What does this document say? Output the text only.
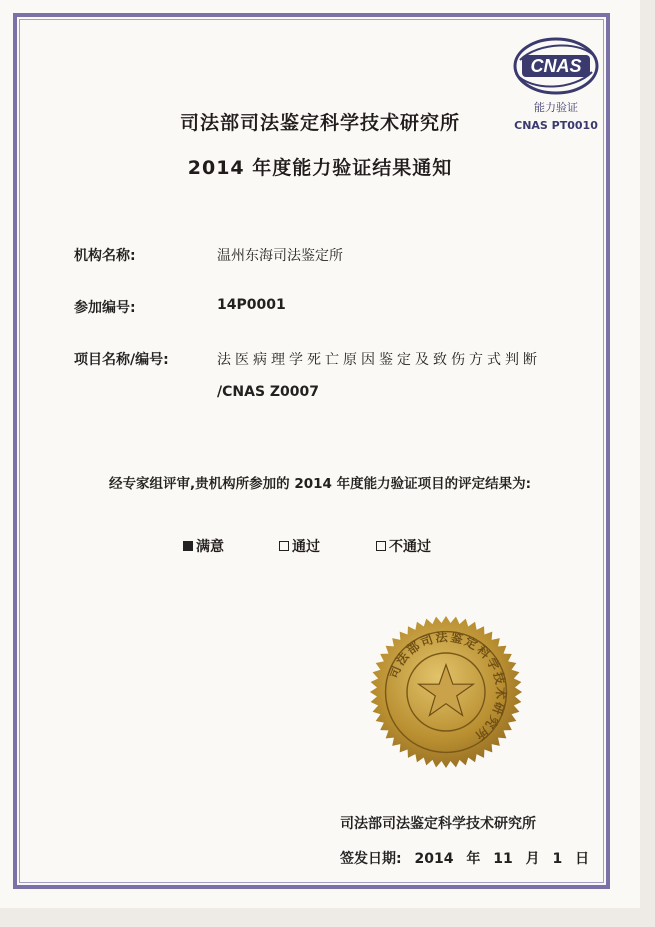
CNAS
能力验证
CNAS PT0010
司法部司法鉴定科学技术研究所
2014 年度能力验证结果通知
机构名称:	温州东海司法鉴定所
参加编号:	14P0001
项目名称/编号:	法医病理学死亡原因鉴定及致伤方式判断
/CNAS Z0007
经专家组评审,贵机构所参加的 2014 年度能力验证项目的评定结果为:
满意	通过	不通过
司法部司法鉴定科学技术研究所
司法部司法鉴定科学技术研究所
签发日期: 2014 年 11 月 1 日
